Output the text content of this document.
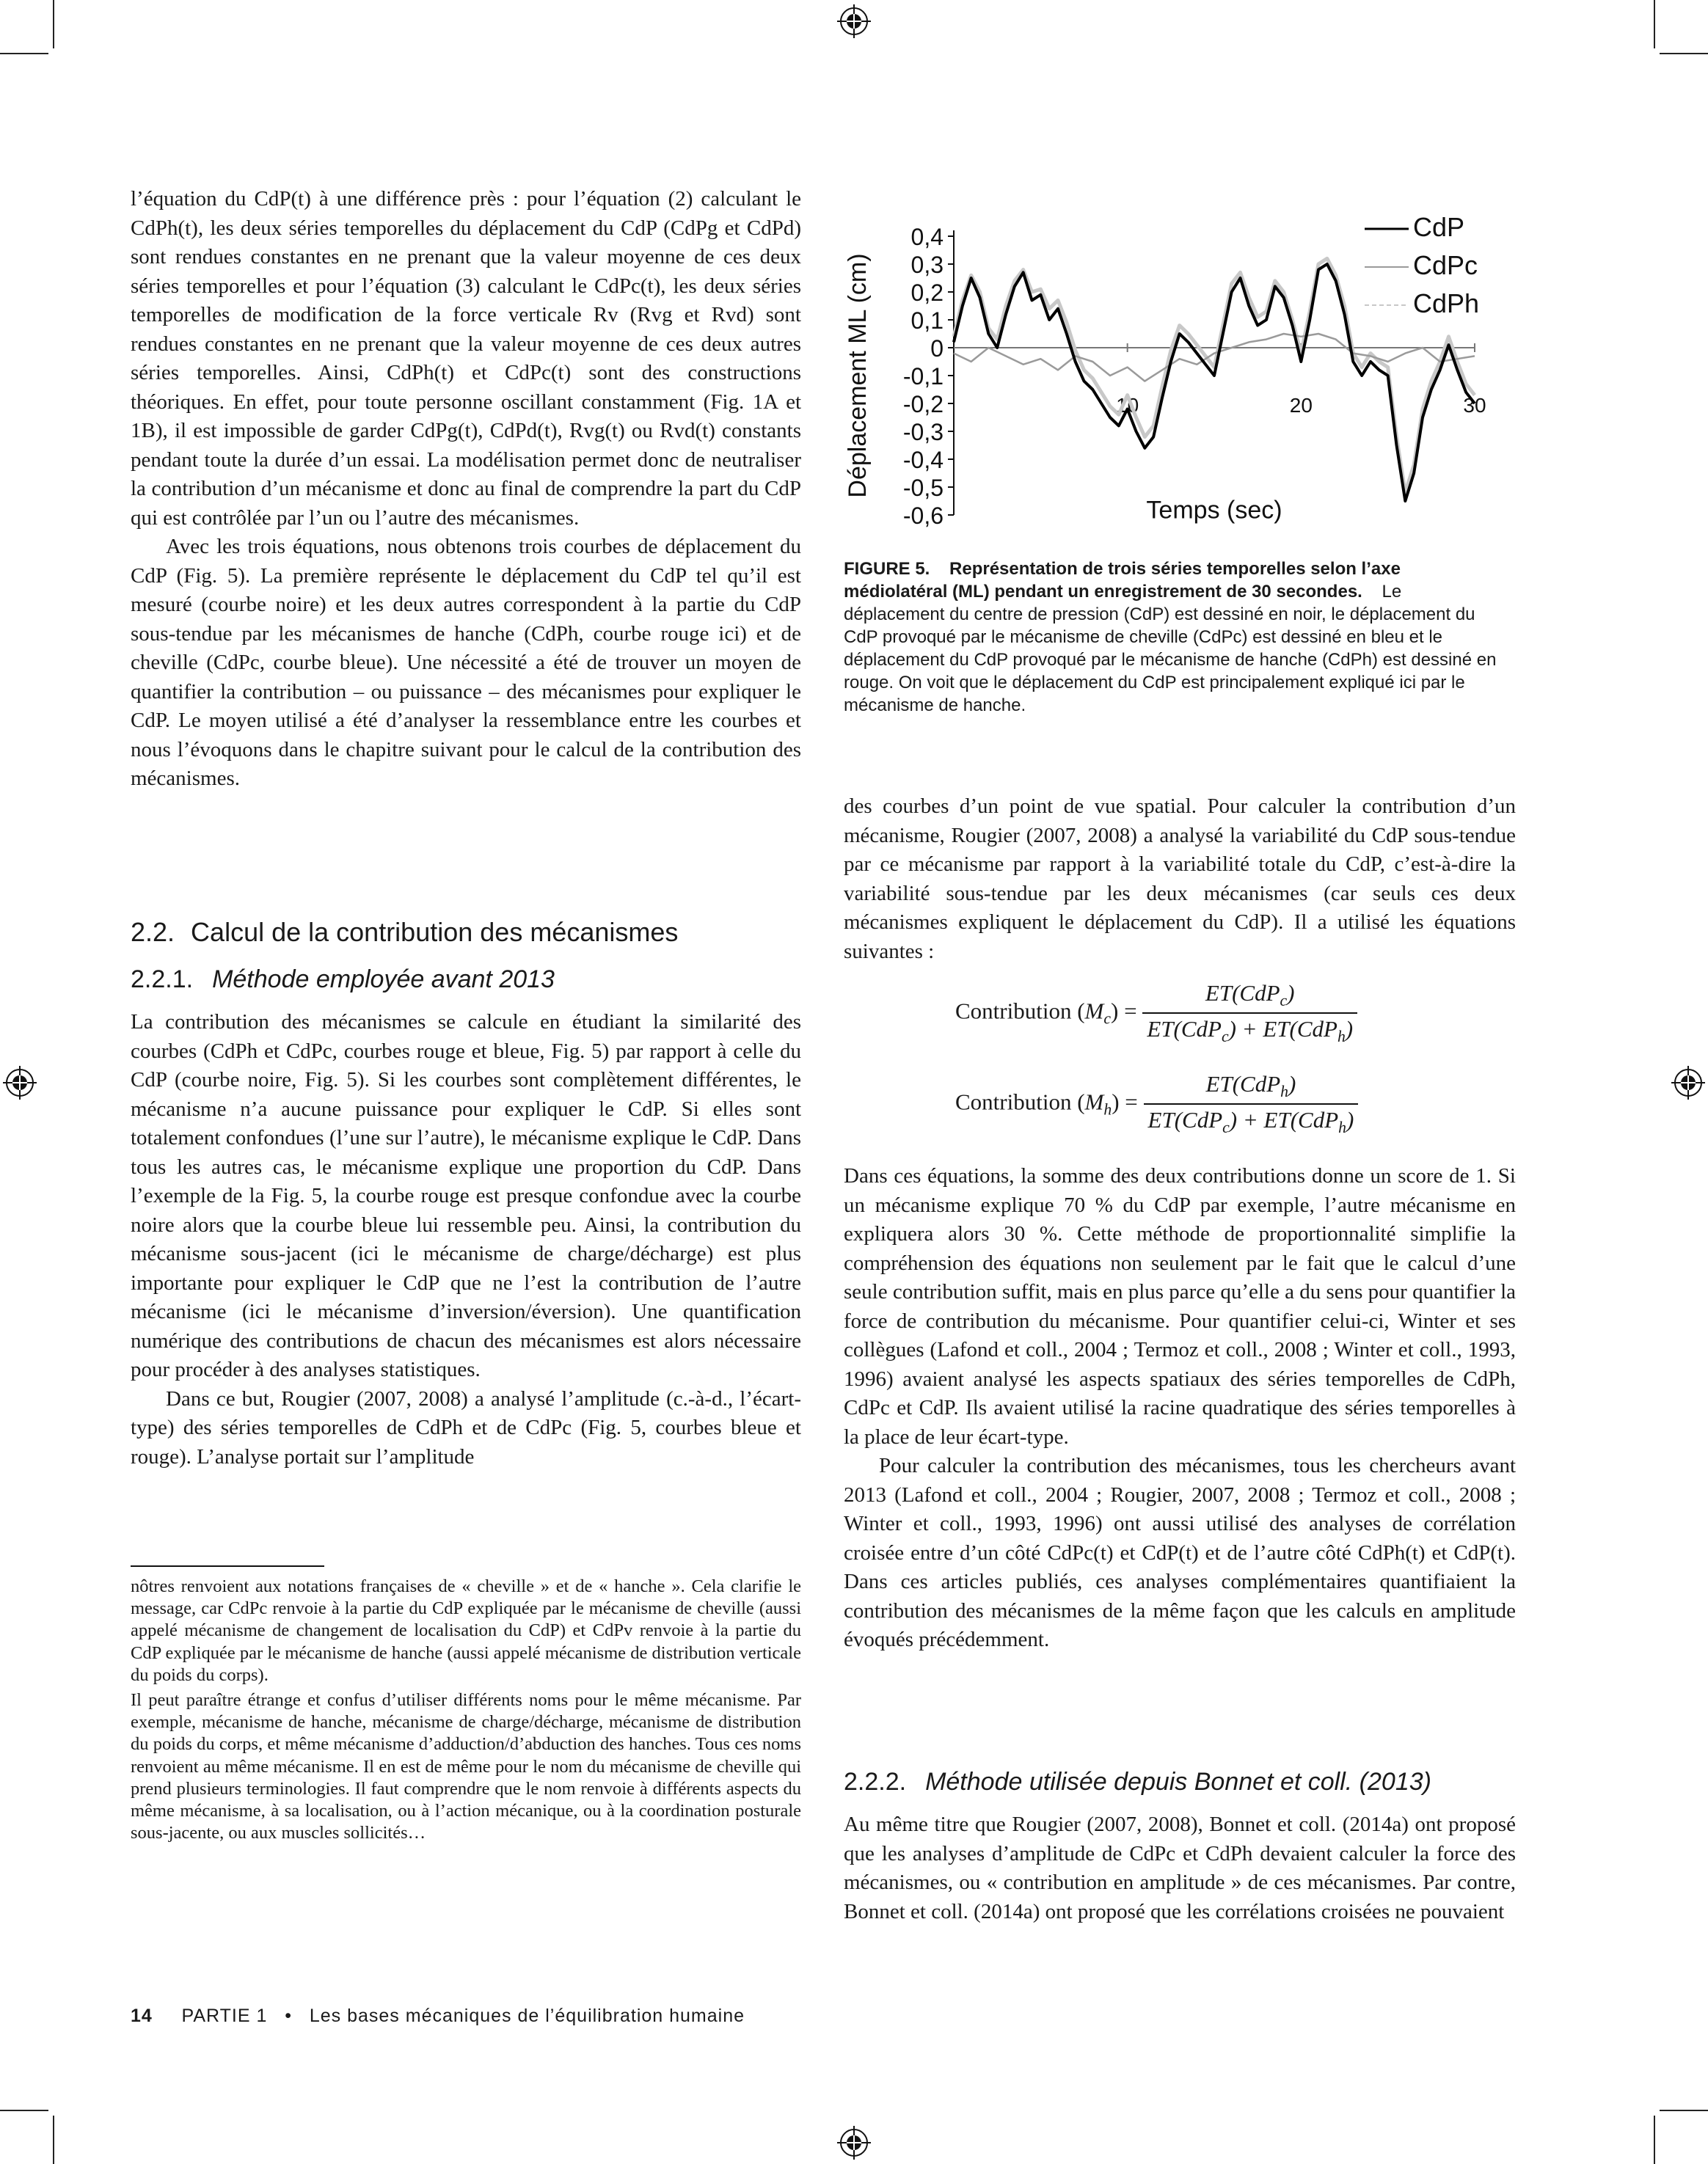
l’équation du CdP(t) à une différence près : pour l’équation (2) calculant le CdPh(t), les deux séries temporelles du déplacement du CdP (CdPg et CdPd) sont rendues constantes en ne prenant que la valeur moyenne de ces deux séries temporelles et pour l’équation (3) calculant le CdPc(t), les deux séries temporelles de modification de la force verticale Rv (Rvg et Rvd) sont rendues constantes en ne prenant que la valeur moyenne de ces deux autres séries temporelles. Ainsi, CdPh(t) et CdPc(t) sont des constructions théoriques. En effet, pour toute personne oscillant constamment (Fig. 1A et 1B), il est impossible de garder CdPg(t), CdPd(t), Rvg(t) ou Rvd(t) constants pendant toute la durée d’un essai. La modélisation permet donc de neutraliser la contribution d’un mécanisme et donc au final de comprendre la part du CdP qui est contrôlée par l’un ou l’autre des mécanismes.

Avec les trois équations, nous obtenons trois courbes de déplacement du CdP (Fig. 5). La première représente le déplacement du CdP tel qu’il est mesuré (courbe noire) et les deux autres correspondent à la partie du CdP sous-tendue par les mécanismes de hanche (CdPh, courbe rouge ici) et de cheville (CdPc, courbe bleue). Une nécessité a été de trouver un moyen de quantifier la contribution – ou puissance – des mécanismes pour expliquer le CdP. Le moyen utilisé a été d’analyser la ressemblance entre les courbes et nous l’évoquons dans le chapitre suivant pour le calcul de la contribution des mécanismes.

2.2. Calcul de la contribution des mécanismes
2.2.1. Méthode employée avant 2013

La contribution des mécanismes se calcule en étudiant la similarité des courbes (CdPh et CdPc, courbes rouge et bleue, Fig. 5) par rapport à celle du CdP (courbe noire, Fig. 5). Si les courbes sont complètement différentes, le mécanisme n’a aucune puissance pour expliquer le CdP. Si elles sont totalement confondues (l’une sur l’autre), le mécanisme explique le CdP. Dans tous les autres cas, le mécanisme explique une proportion du CdP. Dans l’exemple de la Fig. 5, la courbe rouge est presque confondue avec la courbe noire alors que la courbe bleue lui ressemble peu. Ainsi, la contribution du mécanisme sous-jacent (ici le mécanisme de charge/décharge) est plus importante pour expliquer le CdP que ne l’est la contribution de l’autre mécanisme (ici le mécanisme d’inversion/éversion). Une quantification numérique des contributions de chacun des mécanismes est alors nécessaire pour procéder à des analyses statistiques.

Dans ce but, Rougier (2007, 2008) a analysé l’amplitude (c.-à-d., l’écart-type) des séries temporelles de CdPh et de CdPc (Fig. 5, courbes bleue et rouge). L’analyse portait sur l’amplitude

nôtres renvoient aux notations françaises de « cheville » et de « hanche ». Cela clarifie le message, car CdPc renvoie à la partie du CdP expliquée par le mécanisme de cheville (aussi appelé mécanisme de changement de localisation du CdP) et CdPv renvoie à la partie du CdP expliquée par le mécanisme de hanche (aussi appelé mécanisme de distribution verticale du poids du corps).

Il peut paraître étrange et confus d’utiliser différents noms pour le même mécanisme. Par exemple, mécanisme de hanche, mécanisme de charge/décharge, mécanisme de distribution du poids du corps, et même mécanisme d’adduction/d’abduction des hanches. Tous ces noms renvoient au même mécanisme. Il en est de même pour le nom du mécanisme de cheville qui prend plusieurs terminologies. Il faut comprendre que le nom renvoie à différents aspects du même mécanisme, à sa localisation, ou à l’action mécanique, ou à la coordination posturale sous-jacente, ou aux muscles sollicités…

0,4
0,3
0,2
0,1
0
-0,1
-0,2
-0,3
-0,4
-0,5
-0,6
10	20	30
Déplacement ML (cm)
Temps (sec)
CdP
CdPc
CdPh
FIGURE 5. Représentation de trois séries temporelles selon l’axe médiolatéral (ML) pendant un enregistrement de 30 secondes. Le déplacement du centre de pression (CdP) est dessiné en noir, le déplacement du CdP provoqué par le mécanisme de cheville (CdPc) est dessiné en bleu et le déplacement du CdP provoqué par le mécanisme de hanche (CdPh) est dessiné en rouge. On voit que le déplacement du CdP est principalement expliqué ici par le mécanisme de hanche.

des courbes d’un point de vue spatial. Pour calculer la contribution d’un mécanisme, Rougier (2007, 2008) a analysé la variabilité du CdP sous-tendue par ce mécanisme par rapport à la variabilité totale du CdP, c’est-à-dire la variabilité sous-tendue par les deux mécanismes (car seuls ces deux mécanismes expliquent le déplacement du CdP). Il a utilisé les équations suivantes :

Contribution $(M_c) = \frac{ET(CdP_c)}{ET(CdP_c) + ET(CdP_h)}$
Contribution $(M_h) = \frac{ET(CdP_h)}{ET(CdP_c) + ET(CdP_h)}$

Dans ces équations, la somme des deux contributions donne un score de 1. Si un mécanisme explique 70 % du CdP par exemple, l’autre mécanisme en expliquera alors 30 %. Cette méthode de proportionnalité simplifie la compréhension des équations non seulement par le fait que le calcul d’une seule contribution suffit, mais en plus parce qu’elle a du sens pour quantifier la force de contribution du mécanisme. Pour quantifier celui-ci, Winter et ses collègues (Lafond et coll., 2004 ; Termoz et coll., 2008 ; Winter et coll., 1993, 1996) avaient analysé les aspects spatiaux des séries temporelles de CdPh, CdPc et CdP. Ils avaient utilisé la racine quadratique des séries temporelles à la place de leur écart-type.

Pour calculer la contribution des mécanismes, tous les chercheurs avant 2013 (Lafond et coll., 2004 ; Rougier, 2007, 2008 ; Termoz et coll., 2008 ; Winter et coll., 1993, 1996) ont aussi utilisé des analyses de corrélation croisée entre d’un côté CdPc(t) et CdP(t) et de l’autre côté CdPh(t) et CdP(t). Dans ces articles publiés, ces analyses complémentaires quantifiaient la contribution des mécanismes de la même façon que les calculs en amplitude évoqués précédemment.

2.2.2. Méthode utilisée depuis Bonnet et coll. (2013)

Au même titre que Rougier (2007, 2008), Bonnet et coll. (2014a) ont proposé que les analyses d’amplitude de CdPc et CdPh devaient calculer la force des mécanismes, ou « contribution en amplitude » de ces mécanismes. Par contre, Bonnet et coll. (2014a) ont proposé que les corrélations croisées ne pouvaient

14 PARTIE 1 • Les bases mécaniques de l’équilibration humaine
